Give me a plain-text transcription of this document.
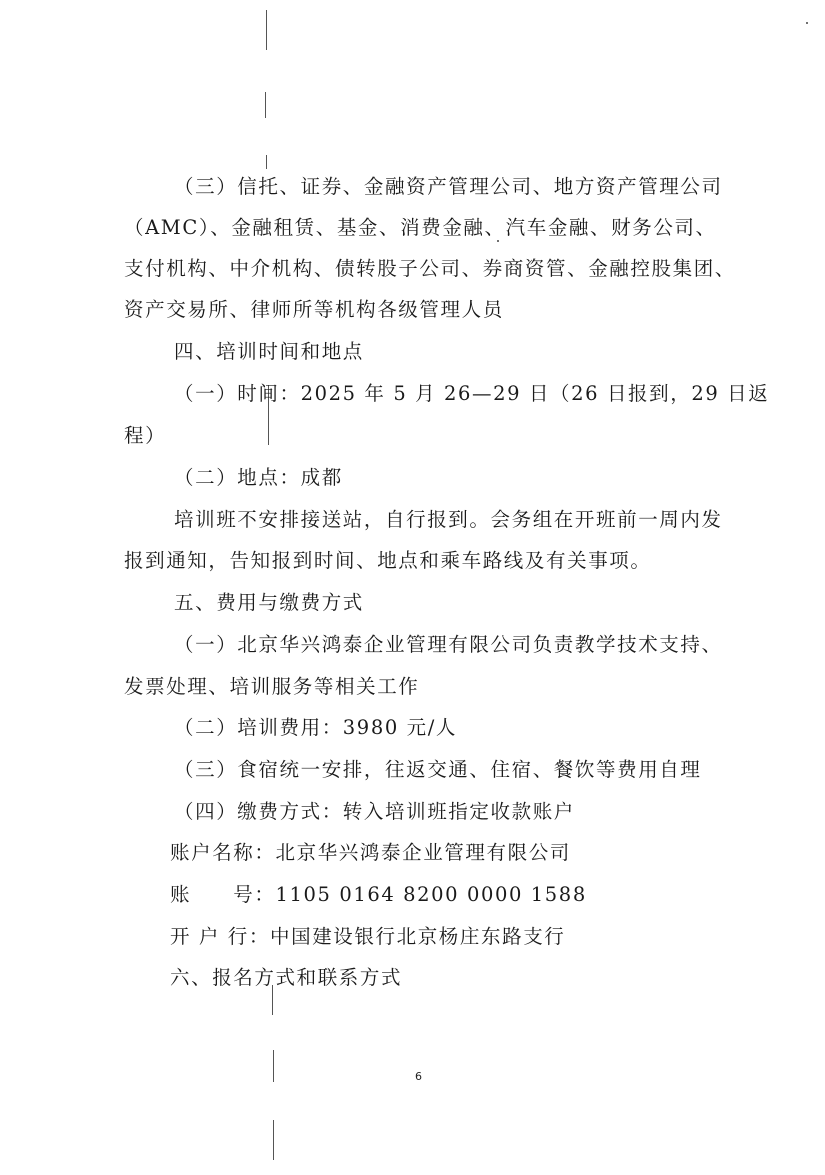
（三）信托、证券、金融资产管理公司、地方资产管理公司
（AMC）、金融租赁、基金、消费金融、汽车金融、财务公司、
支付机构、中介机构、债转股子公司、券商资管、金融控股集团、
资产交易所、律师所等机构各级管理人员
四、培训时间和地点
（一）时间：2025 年 5 月 26—29 日（26 日报到，29 日返
程）
（二）地点：成都
培训班不安排接送站，自行报到。会务组在开班前一周内发
报到通知，告知报到时间、地点和乘车路线及有关事项。
五、费用与缴费方式
（一）北京华兴鸿泰企业管理有限公司负责教学技术支持、
发票处理、培训服务等相关工作
（二）培训费用：3980 元/人
（三）食宿统一安排，往返交通、住宿、餐饮等费用自理
（四）缴费方式：转入培训班指定收款账户
账户名称：北京华兴鸿泰企业管理有限公司
账　　号：1105 0164 8200 0000 1588
开 户 行：中国建设银行北京杨庄东路支行
六、报名方式和联系方式
6
